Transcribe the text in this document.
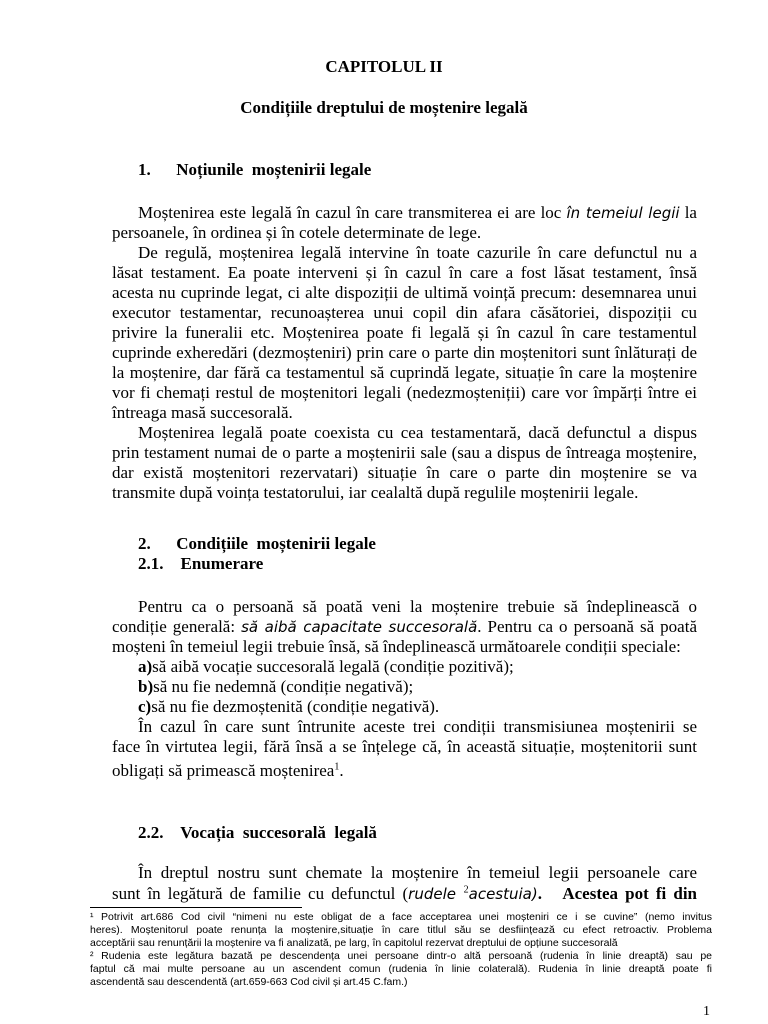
CAPITOLUL II
Condițiile dreptului de moștenire legală
1.      Noțiunile  moștenirii legale
Moștenirea este legală în cazul în care transmiterea ei are loc în temeiul legii la
persoanele, în ordinea și în cotele determinate de lege.
De regulă, moștenirea legală intervine în toate cazurile în care defunctul nu a
lăsat testament. Ea poate interveni și în cazul în care a fost lăsat testament, însă
acesta nu cuprinde legat, ci alte dispoziții de ultimă voință precum: desemnarea unui
executor testamentar, recunoașterea unui copil din afara căsătoriei, dispoziții cu
privire la funeralii etc. Moștenirea poate fi legală și în cazul în care testamentul
cuprinde exheredări (dezmoșteniri) prin care o parte din moștenitori sunt înlăturați de
la moștenire, dar fără ca testamentul să cuprindă legate, situație în care la moștenire
vor fi chemați restul de moștenitori legali (nedezmoșteniții) care vor împărți între ei
întreaga masă succesorală.
Moștenirea legală poate coexista cu cea testamentară, dacă defunctul a dispus
prin testament numai de o parte a moștenirii sale (sau a dispus de întreaga moștenire,
dar există moștenitori rezervatari) situație în care o parte din moștenire se va
transmite după voința testatorului, iar cealaltă după regulile moștenirii legale.
2.      Condițiile  moștenirii legale
2.1.    Enumerare
Pentru ca o persoană să poată veni la moștenire trebuie să îndeplinească o
condiție generală: să aibă capacitate succesorală. Pentru ca o persoană să poată
moșteni în temeiul legii trebuie însă, să îndeplinească următoarele condiții speciale:
a)să aibă vocație succesorală legală (condiție pozitivă);
b)să nu fie nedemnă (condiție negativă);
c)să nu fie dezmoștenită (condiție negativă).
În cazul în care sunt întrunite aceste trei condiții transmisiunea moștenirii se
face în virtutea legii, fără însă a se înțelege că, în această situație, moștenitorii sunt
obligați să primească moștenirea$^1$.
2.2.    Vocația  succesorală  legală
În dreptul nostru sunt chemate la moștenire în temeiul legii persoanele care
sunt în legătură de familie cu defunctul (rudele $^2$acestuia).   Acestea pot fi din
¹ Potrivit art.686 Cod civil “nimeni nu este obligat de a face acceptarea unei moșteniri ce i se cuvine” (nemo invitus
heres). Moștenitorul poate renunța la moștenire,situație în care titlul său se desființează cu efect retroactiv. Problema
acceptării sau renunțării la moștenire va fi analizată, pe larg, în capitolul rezervat dreptului de opțiune succesorală
² Rudenia este legătura bazată pe descendența unei persoane dintr-o altă persoană (rudenia în linie dreaptă) sau pe
faptul că mai multe persoane au un ascendent comun (rudenia în linie colaterală). Rudenia în linie dreaptă poate fi
ascendentă sau descendentă (art.659-663 Cod civil și art.45 C.fam.)
1
